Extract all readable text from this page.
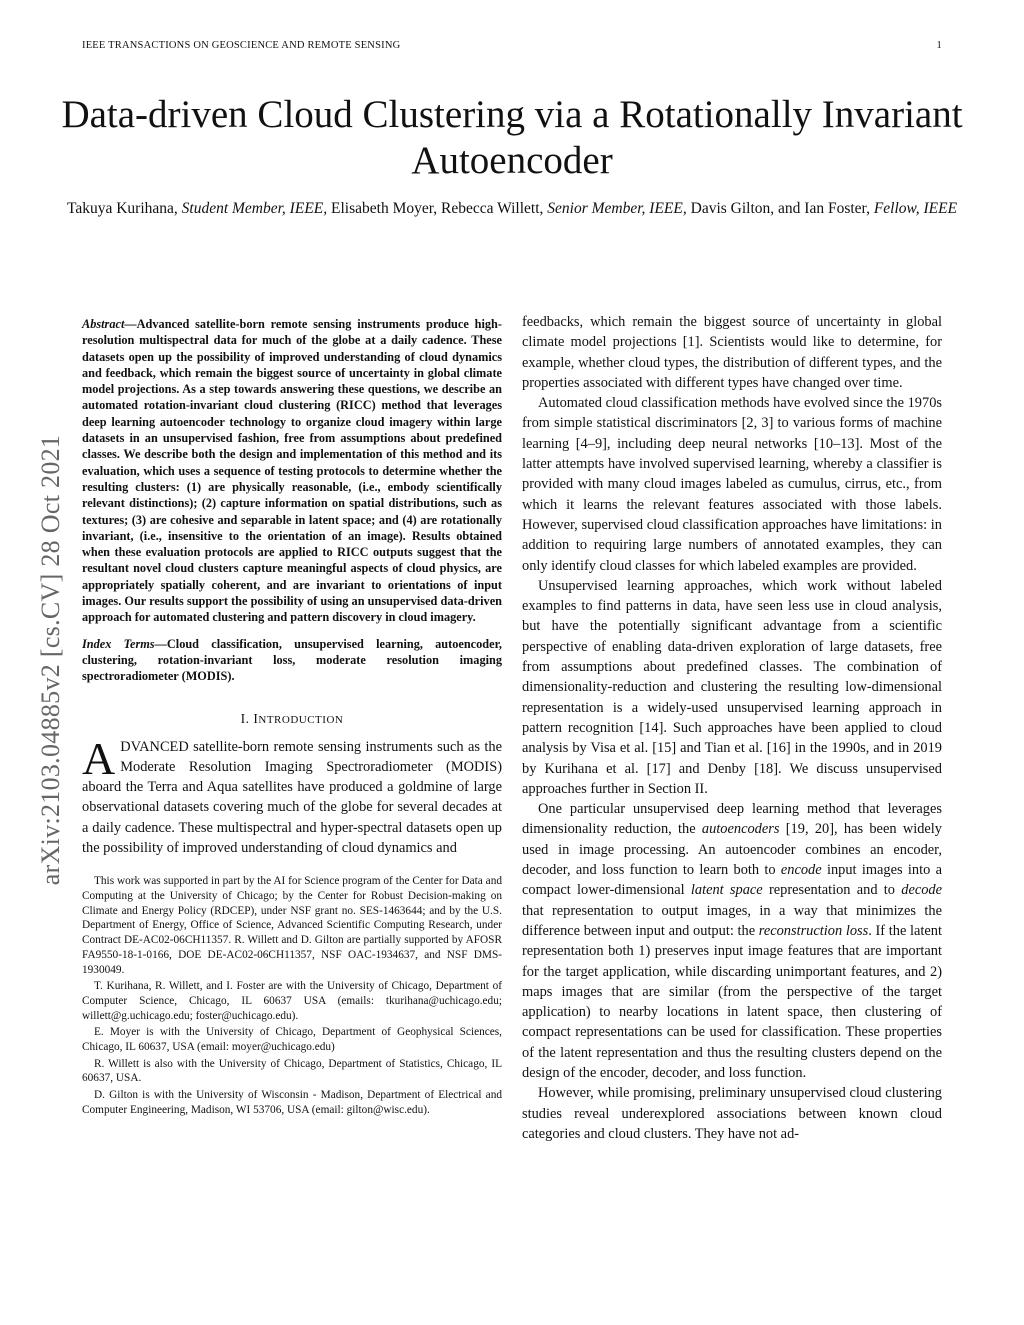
IEEE TRANSACTIONS ON GEOSCIENCE AND REMOTE SENSING	1
Data-driven Cloud Clustering via a Rotationally Invariant Autoencoder
Takuya Kurihana, Student Member, IEEE, Elisabeth Moyer, Rebecca Willett, Senior Member, IEEE, Davis Gilton, and Ian Foster, Fellow, IEEE
arXiv:2103.04885v2 [cs.CV] 28 Oct 2021
Abstract—Advanced satellite-born remote sensing instruments produce high-resolution multispectral data for much of the globe at a daily cadence. These datasets open up the possibility of improved understanding of cloud dynamics and feedback, which remain the biggest source of uncertainty in global climate model projections. As a step towards answering these questions, we describe an automated rotation-invariant cloud clustering (RICC) method that leverages deep learning autoencoder technology to organize cloud imagery within large datasets in an unsupervised fashion, free from assumptions about predefined classes. We describe both the design and implementation of this method and its evaluation, which uses a sequence of testing protocols to determine whether the resulting clusters: (1) are physically reasonable, (i.e., embody scientifically relevant distinctions); (2) capture information on spatial distributions, such as textures; (3) are cohesive and separable in latent space; and (4) are rotationally invariant, (i.e., insensitive to the orientation of an image). Results obtained when these evaluation protocols are applied to RICC outputs suggest that the resultant novel cloud clusters capture meaningful aspects of cloud physics, are appropriately spatially coherent, and are invariant to orientations of input images. Our results support the possibility of using an unsupervised data-driven approach for automated clustering and pattern discovery in cloud imagery.
Index Terms—Cloud classification, unsupervised learning, autoencoder, clustering, rotation-invariant loss, moderate resolution imaging spectroradiometer (MODIS).
I. INTRODUCTION

ADVANCED satellite-born remote sensing instruments such as the Moderate Resolution Imaging Spectroradiometer (MODIS) aboard the Terra and Aqua satellites have produced a goldmine of large observational datasets covering much of the globe for several decades at a daily cadence. These multispectral and hyper-spectral datasets open up the possibility of improved understanding of cloud dynamics and

This work was supported in part by the AI for Science program of the Center for Data and Computing at the University of Chicago; by the Center for Robust Decision-making on Climate and Energy Policy (RDCEP), under NSF grant no. SES-1463644; and by the U.S. Department of Energy, Office of Science, Advanced Scientific Computing Research, under Contract DE-AC02-06CH11357. R. Willett and D. Gilton are partially supported by AFOSR FA9550-18-1-0166, DOE DE-AC02-06CH11357, NSF OAC-1934637, and NSF DMS-1930049.

T. Kurihana, R. Willett, and I. Foster are with the University of Chicago, Department of Computer Science, Chicago, IL 60637 USA (emails: tkurihana@uchicago.edu; willett@g.uchicago.edu; foster@uchicago.edu).

E. Moyer is with the University of Chicago, Department of Geophysical Sciences, Chicago, IL 60637, USA (email: moyer@uchicago.edu)

R. Willett is also with the University of Chicago, Department of Statistics, Chicago, IL 60637, USA.

D. Gilton is with the University of Wisconsin - Madison, Department of Electrical and Computer Engineering, Madison, WI 53706, USA (email: gilton@wisc.edu).

feedbacks, which remain the biggest source of uncertainty in global climate model projections [1]. Scientists would like to determine, for example, whether cloud types, the distribution of different types, and the properties associated with different types have changed over time.

Automated cloud classification methods have evolved since the 1970s from simple statistical discriminators [2, 3] to various forms of machine learning [4–9], including deep neural networks [10–13]. Most of the latter attempts have involved supervised learning, whereby a classifier is provided with many cloud images labeled as cumulus, cirrus, etc., from which it learns the relevant features associated with those labels. However, supervised cloud classification approaches have limitations: in addition to requiring large numbers of annotated examples, they can only identify cloud classes for which labeled examples are provided.

Unsupervised learning approaches, which work without labeled examples to find patterns in data, have seen less use in cloud analysis, but have the potentially significant advantage from a scientific perspective of enabling data-driven exploration of large datasets, free from assumptions about predefined classes. The combination of dimensionality-reduction and clustering the resulting low-dimensional representation is a widely-used unsupervised learning approach in pattern recognition [14]. Such approaches have been applied to cloud analysis by Visa et al. [15] and Tian et al. [16] in the 1990s, and in 2019 by Kurihana et al. [17] and Denby [18]. We discuss unsupervised approaches further in Section II.

One particular unsupervised deep learning method that leverages dimensionality reduction, the autoencoders [19, 20], has been widely used in image processing. An autoencoder combines an encoder, decoder, and loss function to learn both to encode input images into a compact lower-dimensional latent space representation and to decode that representation to output images, in a way that minimizes the difference between input and output: the reconstruction loss. If the latent representation both 1) preserves input image features that are important for the target application, while discarding unimportant features, and 2) maps images that are similar (from the perspective of the target application) to nearby locations in latent space, then clustering of compact representations can be used for classification. These properties of the latent representation and thus the resulting clusters depend on the design of the encoder, decoder, and loss function.

However, while promising, preliminary unsupervised cloud clustering studies reveal underexplored associations between known cloud categories and cloud clusters. They have not ad-
